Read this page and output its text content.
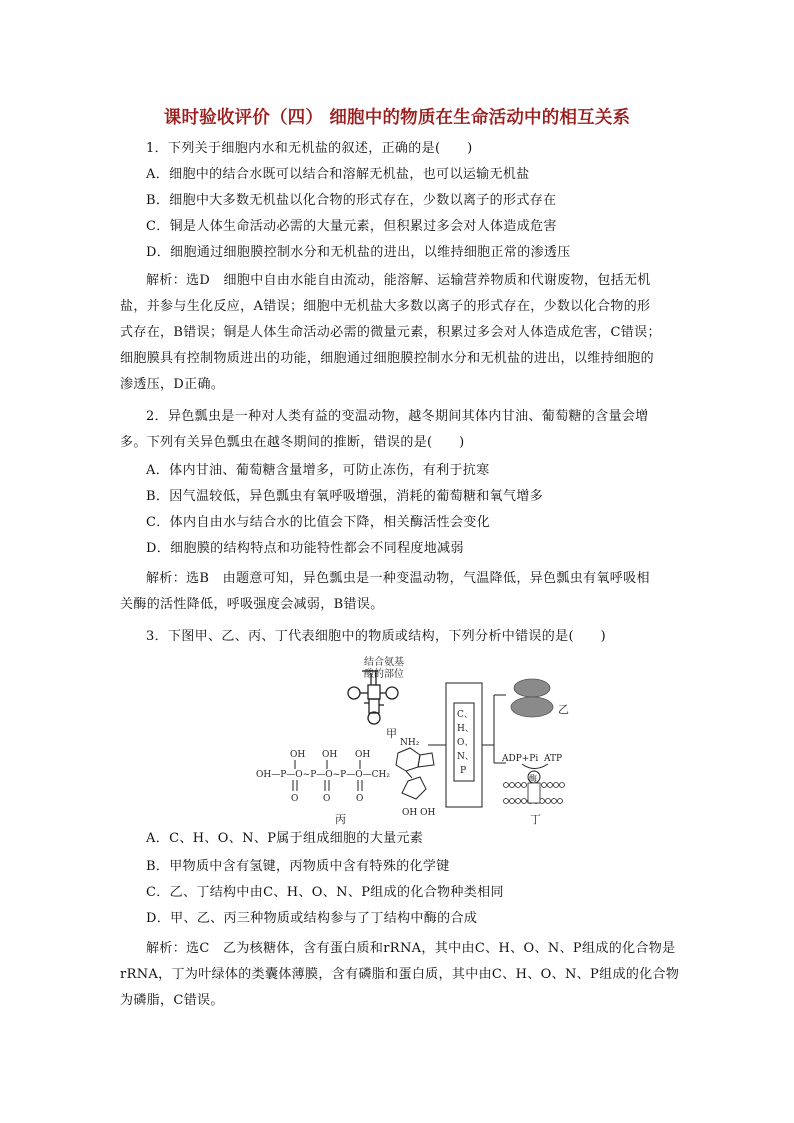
课时验收评价（四） 细胞中的物质在生命活动中的相互关系
1．下列关于细胞内水和无机盐的叙述，正确的是(　　)
A．细胞中的结合水既可以结合和溶解无机盐，也可以运输无机盐
B．细胞中大多数无机盐以化合物的形式存在，少数以离子的形式存在
C．铜是人体生命活动必需的大量元素，但积累过多会对人体造成危害
D．细胞通过细胞膜控制水分和无机盐的进出，以维持细胞正常的渗透压
解析：选D　细胞中自由水能自由流动，能溶解、运输营养物质和代谢废物，包括无机
盐，并参与生化反应，A错误；细胞中无机盐大多数以离子的形式存在，少数以化合物的形
式存在，B错误；铜是人体生命活动必需的微量元素，积累过多会对人体造成危害，C错误；
细胞膜具有控制物质进出的功能，细胞通过细胞膜控制水分和无机盐的进出，以维持细胞的
渗透压，D正确。
2．异色瓢虫是一种对人类有益的变温动物，越冬期间其体内甘油、葡萄糖的含量会增
多。下列有关异色瓢虫在越冬期间的推断，错误的是(　　)
A．体内甘油、葡萄糖含量增多，可防止冻伤，有利于抗寒
B．因气温较低，异色瓢虫有氧呼吸增强，消耗的葡萄糖和氧气增多
C．体内自由水与结合水的比值会下降，相关酶活性会变化
D．细胞膜的结构特点和功能特性都会不同程度地减弱
解析：选B　由题意可知，异色瓢虫是一种变温动物，气温降低，异色瓢虫有氧呼吸相
关酶的活性降低，呼吸强度会减弱，B错误。
3．下图甲、乙、丙、丁代表细胞中的物质或结构，下列分析中错误的是(　　)
结合氨基
酸的部位
甲
OH OH OH
OH—P—O~P—O~P—O—CH₂
O	O	O
NH₂
OH OH
丙
C、
H、
O、
N、
P
乙
ADP+Pi ATP
酶
丁
A．C、H、O、N、P属于组成细胞的大量元素
B．甲物质中含有氢键，丙物质中含有特殊的化学键
C．乙、丁结构中由C、H、O、N、P组成的化合物种类相同
D．甲、乙、丙三种物质或结构参与了丁结构中酶的合成
解析：选C　乙为核糖体，含有蛋白质和rRNA，其中由C、H、O、N、P组成的化合物是
rRNA，丁为叶绿体的类囊体薄膜，含有磷脂和蛋白质，其中由C、H、O、N、P组成的化合物
为磷脂，C错误。
